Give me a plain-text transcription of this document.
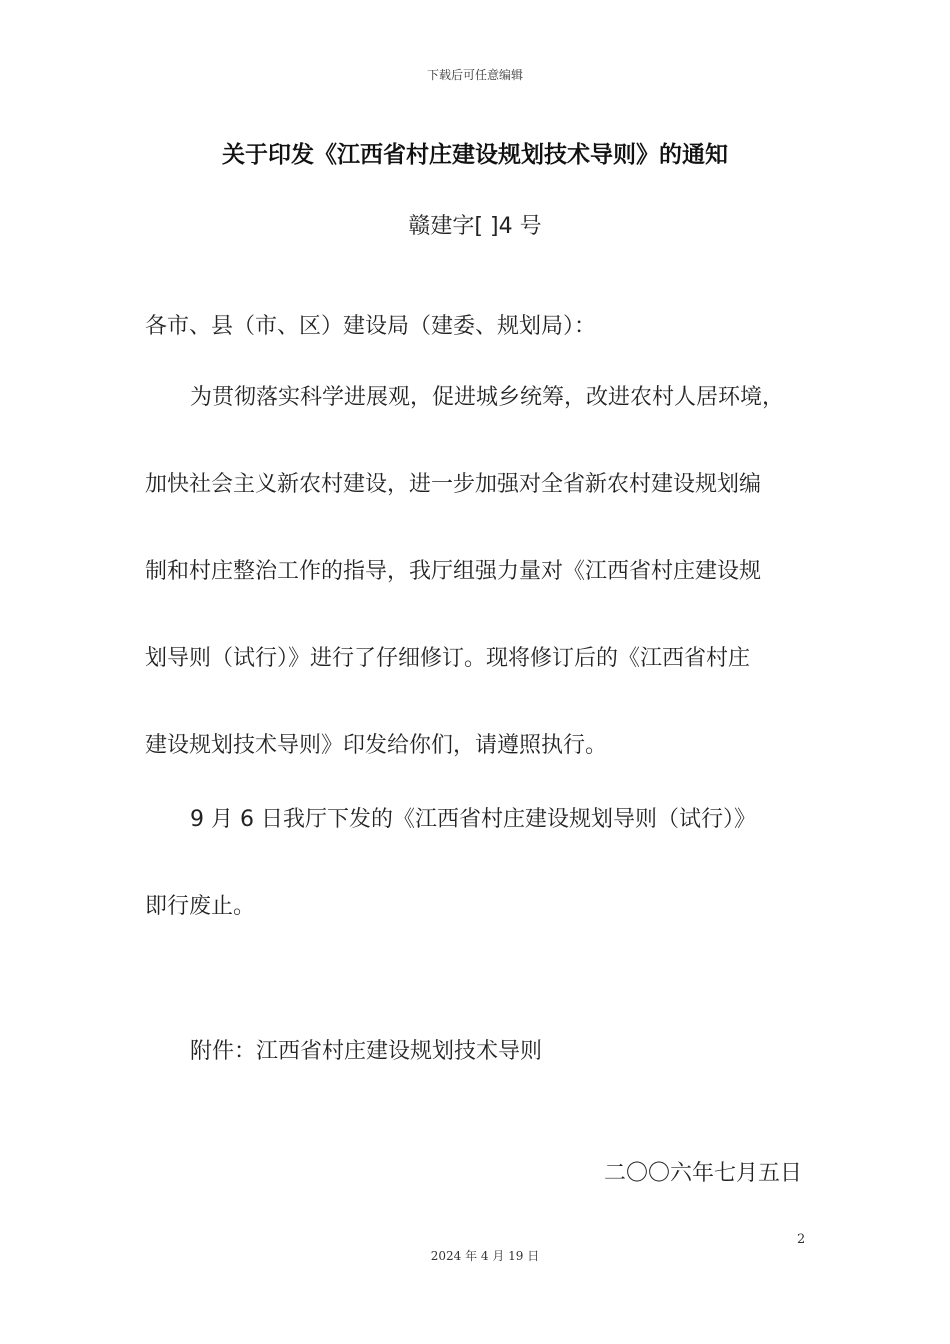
下载后可任意编辑
关于印发《江西省村庄建设规划技术导则》的通知
赣建字[ ]4 号
各市、县（市、区）建设局（建委、规划局）：
为贯彻落实科学进展观，促进城乡统筹，改进农村人居环境，
加快社会主义新农村建设，进一步加强对全省新农村建设规划编
制和村庄整治工作的指导，我厅组强力量对《江西省村庄建设规
划导则（试行）》进行了仔细修订。现将修订后的《江西省村庄
建设规划技术导则》印发给你们，请遵照执行。
9 月 6 日我厅下发的《江西省村庄建设规划导则（试行）》
即行废止。
附件：江西省村庄建设规划技术导则
二〇〇六年七月五日
2
2024 年 4 月 19 日
